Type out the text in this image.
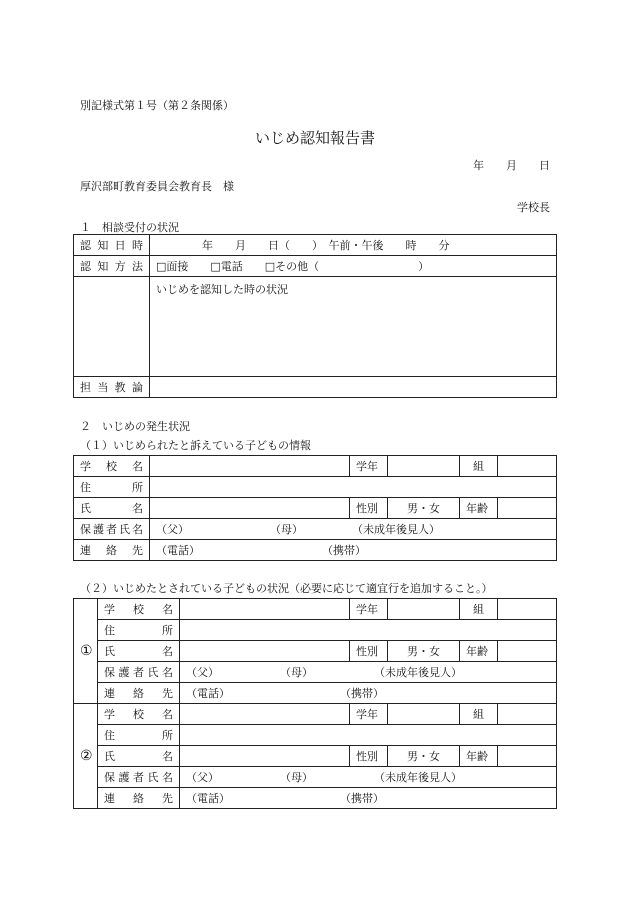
別記様式第１号（第２条関係）
いじめ認知報告書
年　　月　　日
厚沢部町教育委員会教育長　様
学校長
１　相談受付の状況
認知日時	年　　月　　日（　　）　午前・午後　　時　　分
認知方法	□面接　　□電話　　□その他（　　　　　　　　　）
	いじめを認知した時の状況
担当教論	
２　いじめの発生状況
（１）いじめられたと訴えている子どもの情報
学校名		学年		組	
住所					
氏名		性別	男・女	年齢	
保護者氏名	（父） （母） （未成年後見人）				
連絡先	（電話） （携帯）				
（２）いじめたとされている子どもの状況（必要に応じて適宜行を追加すること。）
①	学校名		学年		組	
	住所					
	氏名		性別	男・女	年齢	
	保護者氏名	（父） （母） （未成年後見人）				
	連絡先	（電話） （携帯）				
②	学校名		学年		組	
	住所					
	氏名		性別	男・女	年齢	
	保護者氏名	（父） （母） （未成年後見人）				
	連絡先	（電話） （携帯）				
